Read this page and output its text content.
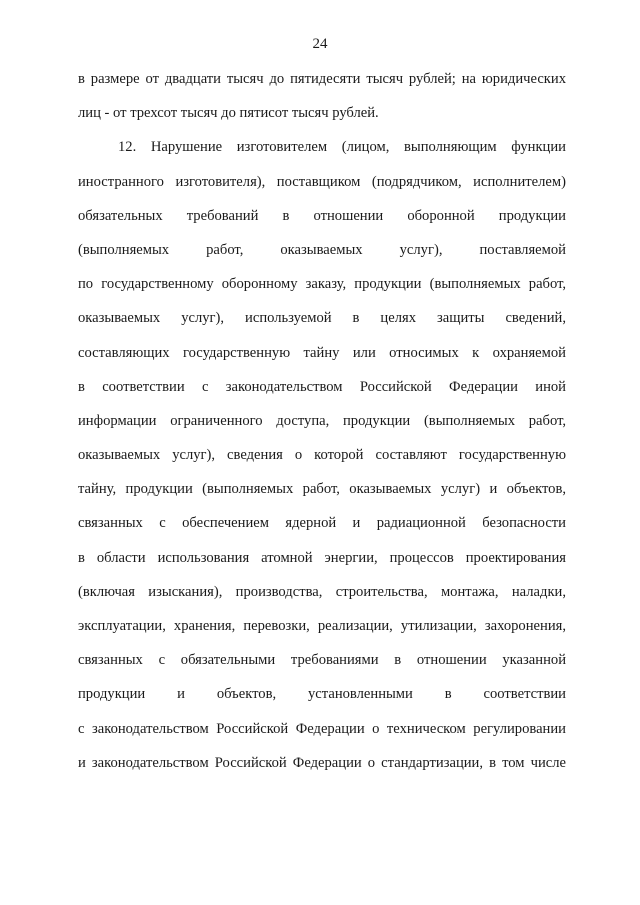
24
в размере от двадцати тысяч до пятидесяти тысяч рублей; на юридических
лиц - от трехсот тысяч до пятисот тысяч рублей.
12. Нарушение изготовителем (лицом, выполняющим функции
иностранного изготовителя), поставщиком (подрядчиком, исполнителем)
обязательных требований в отношении оборонной продукции
(выполняемых работ, оказываемых услуг), поставляемой
по государственному оборонному заказу, продукции (выполняемых работ,
оказываемых услуг), используемой в целях защиты сведений,
составляющих государственную тайну или относимых к охраняемой
в соответствии с законодательством Российской Федерации иной
информации ограниченного доступа, продукции (выполняемых работ,
оказываемых услуг), сведения о которой составляют государственную
тайну, продукции (выполняемых работ, оказываемых услуг) и объектов,
связанных с обеспечением ядерной и радиационной безопасности
в области использования атомной энергии, процессов проектирования
(включая изыскания), производства, строительства, монтажа, наладки,
эксплуатации, хранения, перевозки, реализации, утилизации, захоронения,
связанных с обязательными требованиями в отношении указанной
продукции и объектов, установленными в соответствии
с законодательством Российской Федерации о техническом регулировании
и законодательством Российской Федерации о стандартизации, в том числе
